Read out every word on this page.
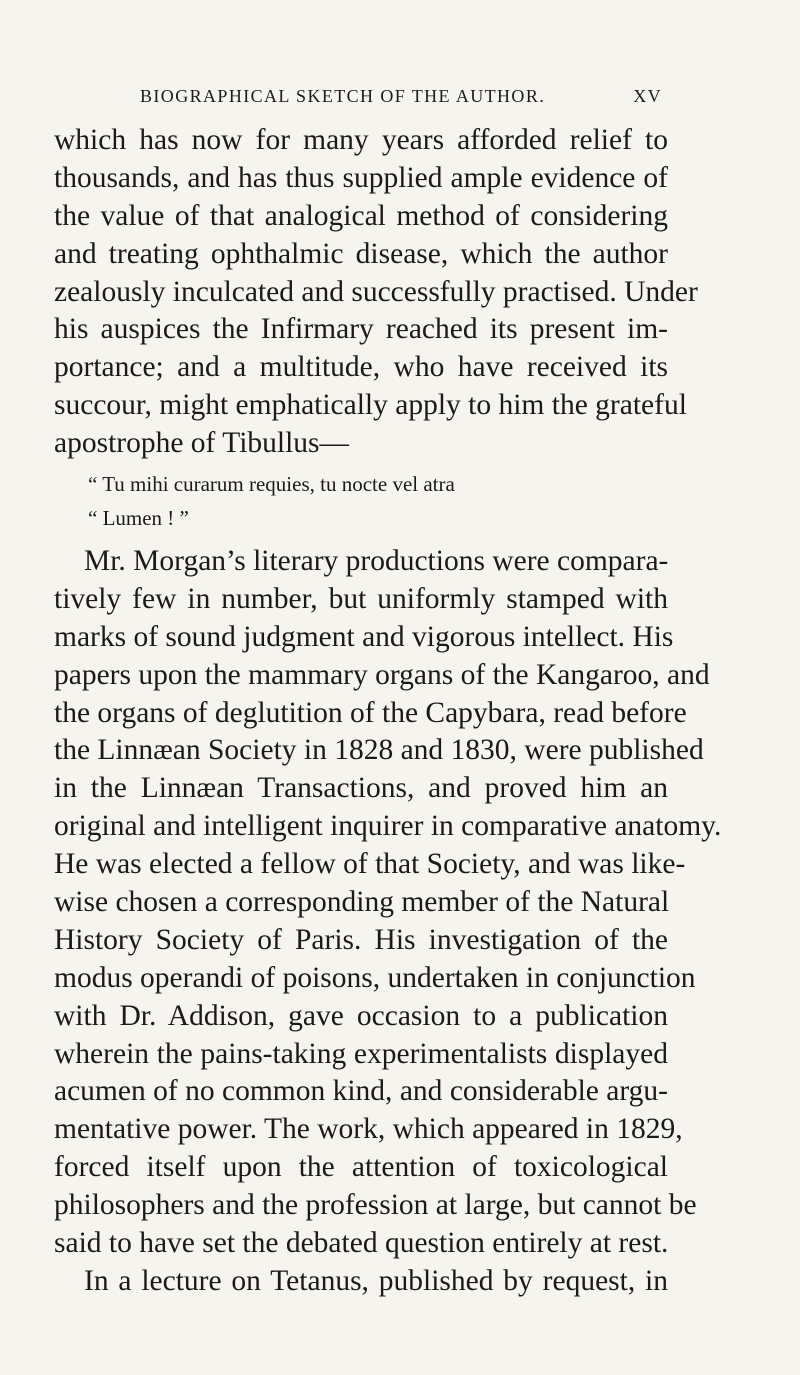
BIOGRAPHICAL SKETCH OF THE AUTHOR.	XV
which has now for many years afforded relief to
thousands, and has thus supplied ample evidence of
the value of that analogical method of considering
and treating ophthalmic disease, which the author
zealously inculcated and successfully practised. Under
his auspices the Infirmary reached its present im-
portance; and a multitude, who have received its
succour, might emphatically apply to him the grateful
apostrophe of Tibullus—
“ Tu mihi curarum requies, tu nocte vel atra
“ Lumen ! ”
Mr. Morgan’s literary productions were compara-
tively few in number, but uniformly stamped with
marks of sound judgment and vigorous intellect. His
papers upon the mammary organs of the Kangaroo, and
the organs of deglutition of the Capybara, read before
the Linnæan Society in 1828 and 1830, were published
in the Linnæan Transactions, and proved him an
original and intelligent inquirer in comparative anatomy.
He was elected a fellow of that Society, and was like-
wise chosen a corresponding member of the Natural
History Society of Paris. His investigation of the
modus operandi of poisons, undertaken in conjunction
with Dr. Addison, gave occasion to a publication
wherein the pains-taking experimentalists displayed
acumen of no common kind, and considerable argu-
mentative power. The work, which appeared in 1829,
forced itself upon the attention of toxicological
philosophers and the profession at large, but cannot be
said to have set the debated question entirely at rest.
In a lecture on Tetanus, published by request, in
